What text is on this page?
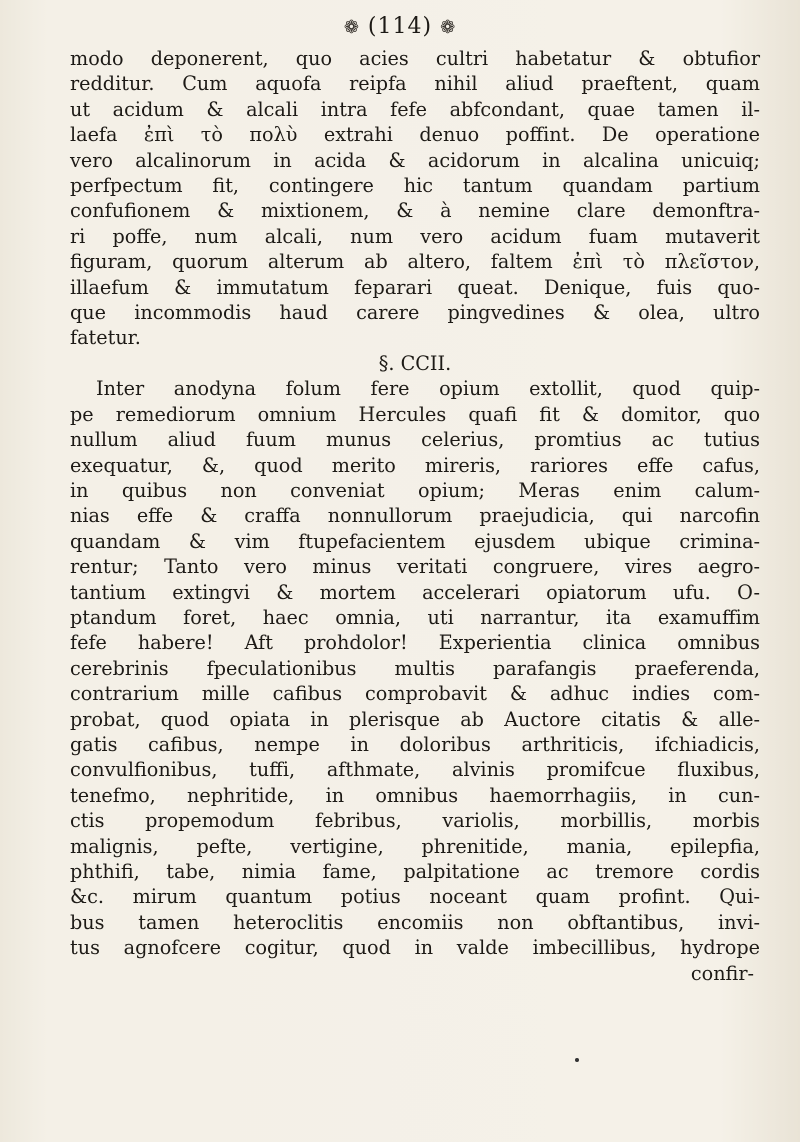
❁ (114) ❁
modo deponerent, quo acies cultri habetatur & obtufior
redditur. Cum aquofa reipfa nihil aliud praeftent, quam
ut acidum & alcali intra fefe abfcondant, quae tamen il-
laefa ἐπὶ τὸ πολὺ extrahi denuo poffint. De operatione
vero alcalinorum in acida & acidorum in alcalina unicuiq;
perfpectum fit, contingere hic tantum quandam partium
confufionem & mixtionem, & à nemine clare demonftra-
ri poffe, num alcali, num vero acidum fuam mutaverit
figuram, quorum alterum ab altero, faltem ἐπὶ τὸ πλεῖστον,
illaefum & immutatum feparari queat. Denique, fuis quo-
que incommodis haud carere pingvedines & olea, ultro
fatetur.
§. CCII.
Inter anodyna folum fere opium extollit, quod quip-
pe remediorum omnium Hercules quafi fit & domitor, quo
nullum aliud fuum munus celerius, promtius ac tutius
exequatur, &, quod merito mireris, rariores effe cafus,
in quibus non conveniat opium; Meras enim calum-
nias effe & craffa nonnullorum praejudicia, qui narcofin
quandam & vim ftupefacientem ejusdem ubique crimina-
rentur; Tanto vero minus veritati congruere, vires aegro-
tantium extingvi & mortem accelerari opiatorum ufu. O-
ptandum foret, haec omnia, uti narrantur, ita examuffim
fefe habere! Aft prohdolor! Experientia clinica omnibus
cerebrinis fpeculationibus multis parafangis praeferenda,
contrarium mille cafibus comprobavit & adhuc indies com-
probat, quod opiata in plerisque ab Auctore citatis & alle-
gatis cafibus, nempe in doloribus arthriticis, ifchiadicis,
convulfionibus, tuffi, afthmate, alvinis promifcue fluxibus,
tenefmo, nephritide, in omnibus haemorrhagiis, in cun-
ctis propemodum febribus, variolis, morbillis, morbis
malignis, pefte, vertigine, phrenitide, mania, epilepfia,
phthifi, tabe, nimia fame, palpitatione ac tremore cordis
&c. mirum quantum potius noceant quam profint. Qui-
bus tamen heteroclitis encomiis non obftantibus, invi-
tus agnofcere cogitur, quod in valde imbecillibus, hydrope
confir-
